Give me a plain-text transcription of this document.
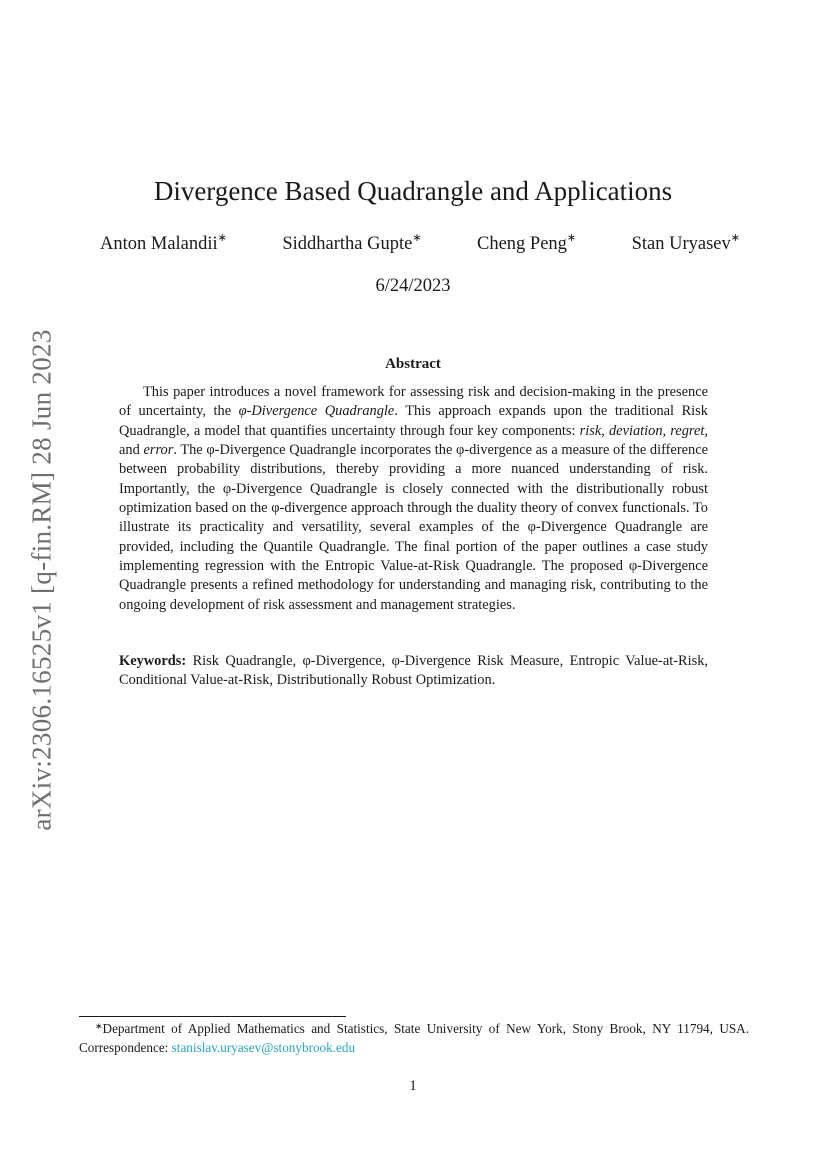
arXiv:2306.16525v1 [q-fin.RM] 28 Jun 2023
Divergence Based Quadrangle and Applications
Anton Malandii∗	Siddhartha Gupte∗	Cheng Peng∗	Stan Uryasev∗
6/24/2023
Abstract

This paper introduces a novel framework for assessing risk and decision-making in the presence of uncertainty, the φ-Divergence Quadrangle. This approach expands upon the traditional Risk Quadrangle, a model that quantifies uncertainty through four key components: risk, deviation, regret, and error. The φ-Divergence Quadrangle incorporates the φ-divergence as a measure of the difference between probability distributions, thereby providing a more nuanced understanding of risk. Importantly, the φ-Divergence Quadrangle is closely connected with the distributionally robust optimization based on the φ-divergence approach through the duality theory of convex functionals. To illustrate its practicality and versatility, several examples of the φ-Divergence Quadrangle are provided, including the Quantile Quadrangle. The final portion of the paper outlines a case study implementing regression with the Entropic Value-at-Risk Quadrangle. The proposed φ-Divergence Quadrangle presents a refined methodology for understanding and managing risk, contributing to the ongoing development of risk assessment and management strategies.

Keywords: Risk Quadrangle, φ-Divergence, φ-Divergence Risk Measure, Entropic Value-at-Risk, Conditional Value-at-Risk, Distributionally Robust Optimization.

∗Department of Applied Mathematics and Statistics, State University of New York, Stony Brook, NY 11794, USA. Correspondence: stanislav.uryasev@stonybrook.edu

1
